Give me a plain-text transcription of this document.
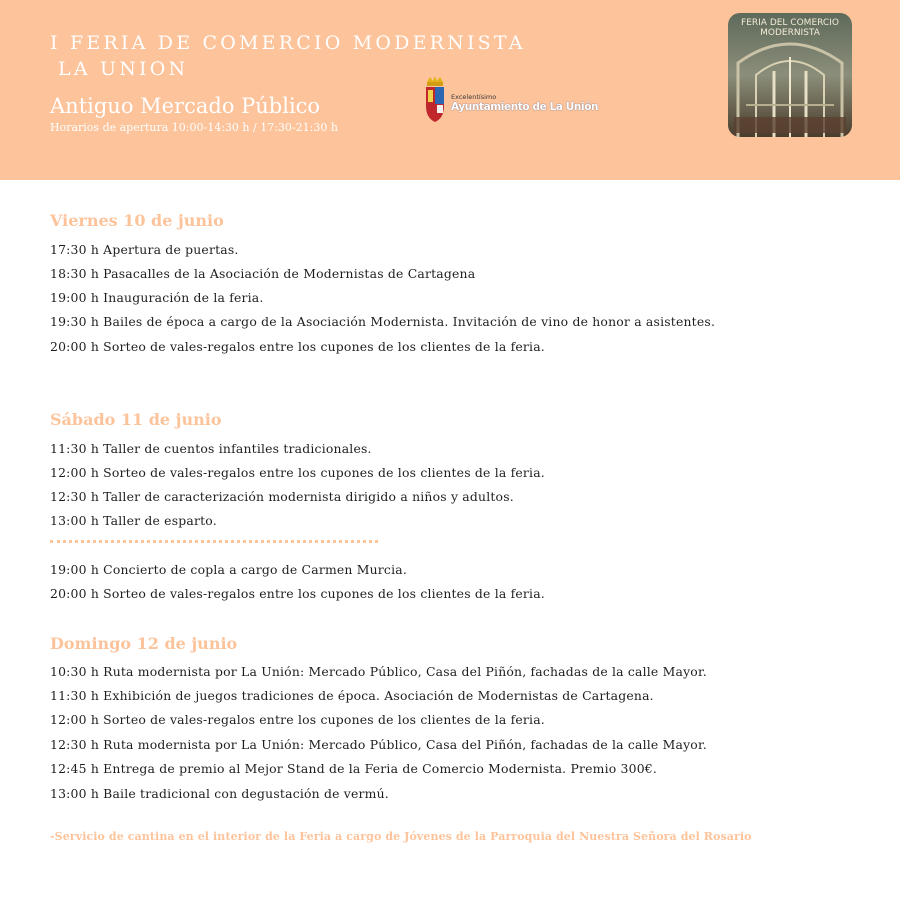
I FERIA DE COMERCIO MODERNISTA
LA UNION
Antiguo Mercado Público
Horarios de apertura 10:00-14:30 h / 17:30-21:30 h
Excelentísimo
Ayuntamiento de La Unión
FERIA DEL COMERCIO
MODERNISTA
Viernes 10 de junio
17:30 h Apertura de puertas.
18:30 h Pasacalles de la Asociación de Modernistas de Cartagena
19:00 h Inauguración de la feria.
19:30 h Bailes de época a cargo de la Asociación Modernista. Invitación de vino de honor a asistentes.
20:00 h Sorteo de vales-regalos entre los cupones de los clientes de la feria.
Sábado 11 de junio
11:30 h Taller de cuentos infantiles tradicionales.
12:00 h Sorteo de vales-regalos entre los cupones de los clientes de la feria.
12:30 h Taller de caracterización modernista dirigido a niños y adultos.
13:00 h Taller de esparto.
19:00 h Concierto de copla a cargo de Carmen Murcia.
20:00 h Sorteo de vales-regalos entre los cupones de los clientes de la feria.
Domingo 12 de junio
10:30 h Ruta modernista por La Unión: Mercado Público, Casa del Piñón, fachadas de la calle Mayor.
11:30 h Exhibición de juegos tradiciones de época. Asociación de Modernistas de Cartagena.
12:00 h Sorteo de vales-regalos entre los cupones de los clientes de la feria.
12:30 h Ruta modernista por La Unión: Mercado Público, Casa del Piñón, fachadas de la calle Mayor.
12:45 h Entrega de premio al Mejor Stand de la Feria de Comercio Modernista. Premio 300€.
13:00 h Baile tradicional con degustación de vermú.
-Servicio de cantina en el interior de la Feria a cargo de Jóvenes de la Parroquia del Nuestra Señora del Rosario
